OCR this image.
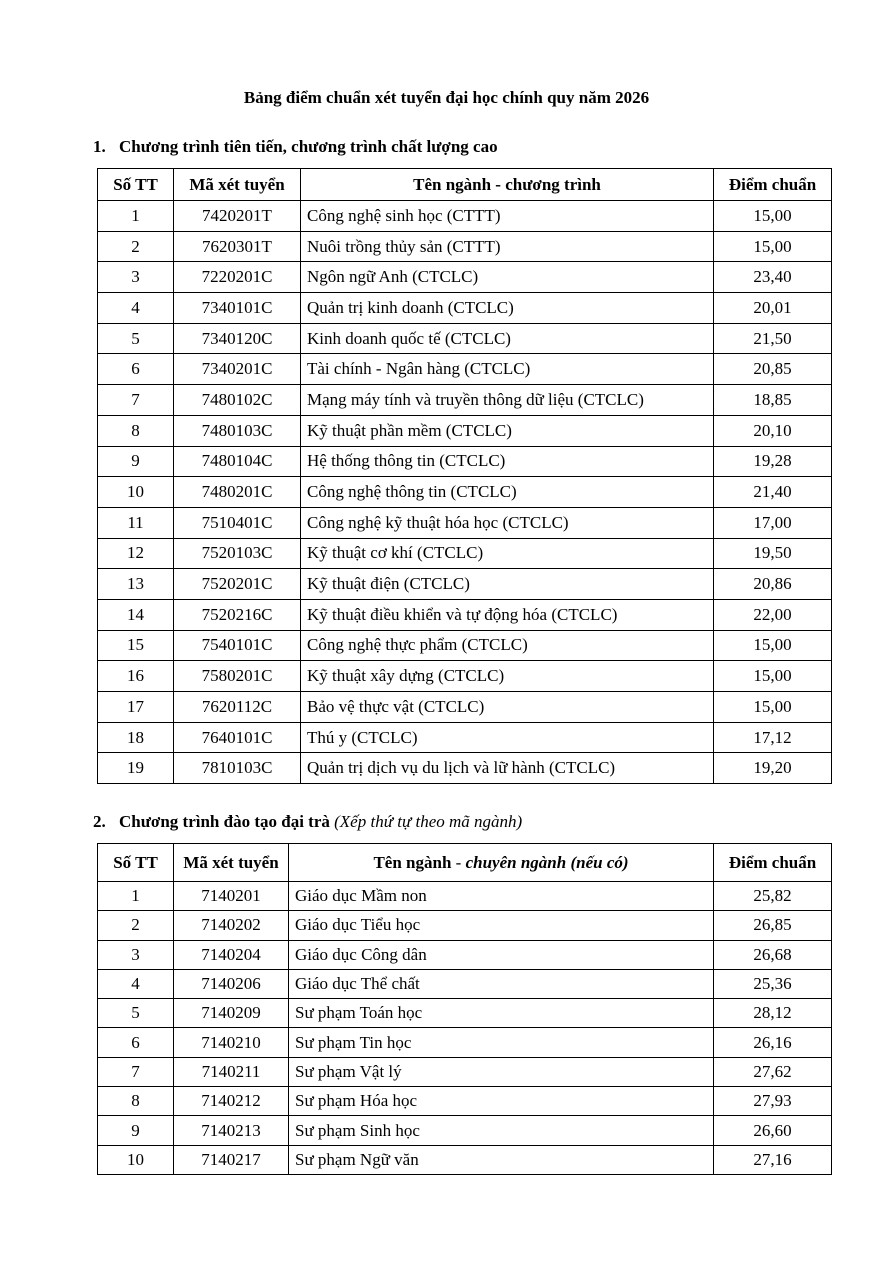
Bảng điểm chuẩn xét tuyển đại học chính quy năm 2026
1. Chương trình tiên tiến, chương trình chất lượng cao
Số TT	Mã xét tuyển	Tên ngành - chương trình	Điểm chuẩn
1	7420201T	Công nghệ sinh học (CTTT)	15,00
2	7620301T	Nuôi trồng thủy sản (CTTT)	15,00
3	7220201C	Ngôn ngữ Anh (CTCLC)	23,40
4	7340101C	Quản trị kinh doanh (CTCLC)	20,01
5	7340120C	Kinh doanh quốc tế (CTCLC)	21,50
6	7340201C	Tài chính - Ngân hàng (CTCLC)	20,85
7	7480102C	Mạng máy tính và truyền thông dữ liệu (CTCLC)	18,85
8	7480103C	Kỹ thuật phần mềm (CTCLC)	20,10
9	7480104C	Hệ thống thông tin (CTCLC)	19,28
10	7480201C	Công nghệ thông tin (CTCLC)	21,40
11	7510401C	Công nghệ kỹ thuật hóa học (CTCLC)	17,00
12	7520103C	Kỹ thuật cơ khí (CTCLC)	19,50
13	7520201C	Kỹ thuật điện (CTCLC)	20,86
14	7520216C	Kỹ thuật điều khiển và tự động hóa (CTCLC)	22,00
15	7540101C	Công nghệ thực phẩm (CTCLC)	15,00
16	7580201C	Kỹ thuật xây dựng (CTCLC)	15,00
17	7620112C	Bảo vệ thực vật (CTCLC)	15,00
18	7640101C	Thú y (CTCLC)	17,12
19	7810103C	Quản trị dịch vụ du lịch và lữ hành (CTCLC)	19,20
2. Chương trình đào tạo đại trà (Xếp thứ tự theo mã ngành)
Số TT	Mã xét tuyển	Tên ngành - chuyên ngành (nếu có)	Điểm chuẩn
1	7140201	Giáo dục Mầm non	25,82
2	7140202	Giáo dục Tiểu học	26,85
3	7140204	Giáo dục Công dân	26,68
4	7140206	Giáo dục Thể chất	25,36
5	7140209	Sư phạm Toán học	28,12
6	7140210	Sư phạm Tin học	26,16
7	7140211	Sư phạm Vật lý	27,62
8	7140212	Sư phạm Hóa học	27,93
9	7140213	Sư phạm Sinh học	26,60
10	7140217	Sư phạm Ngữ văn	27,16
